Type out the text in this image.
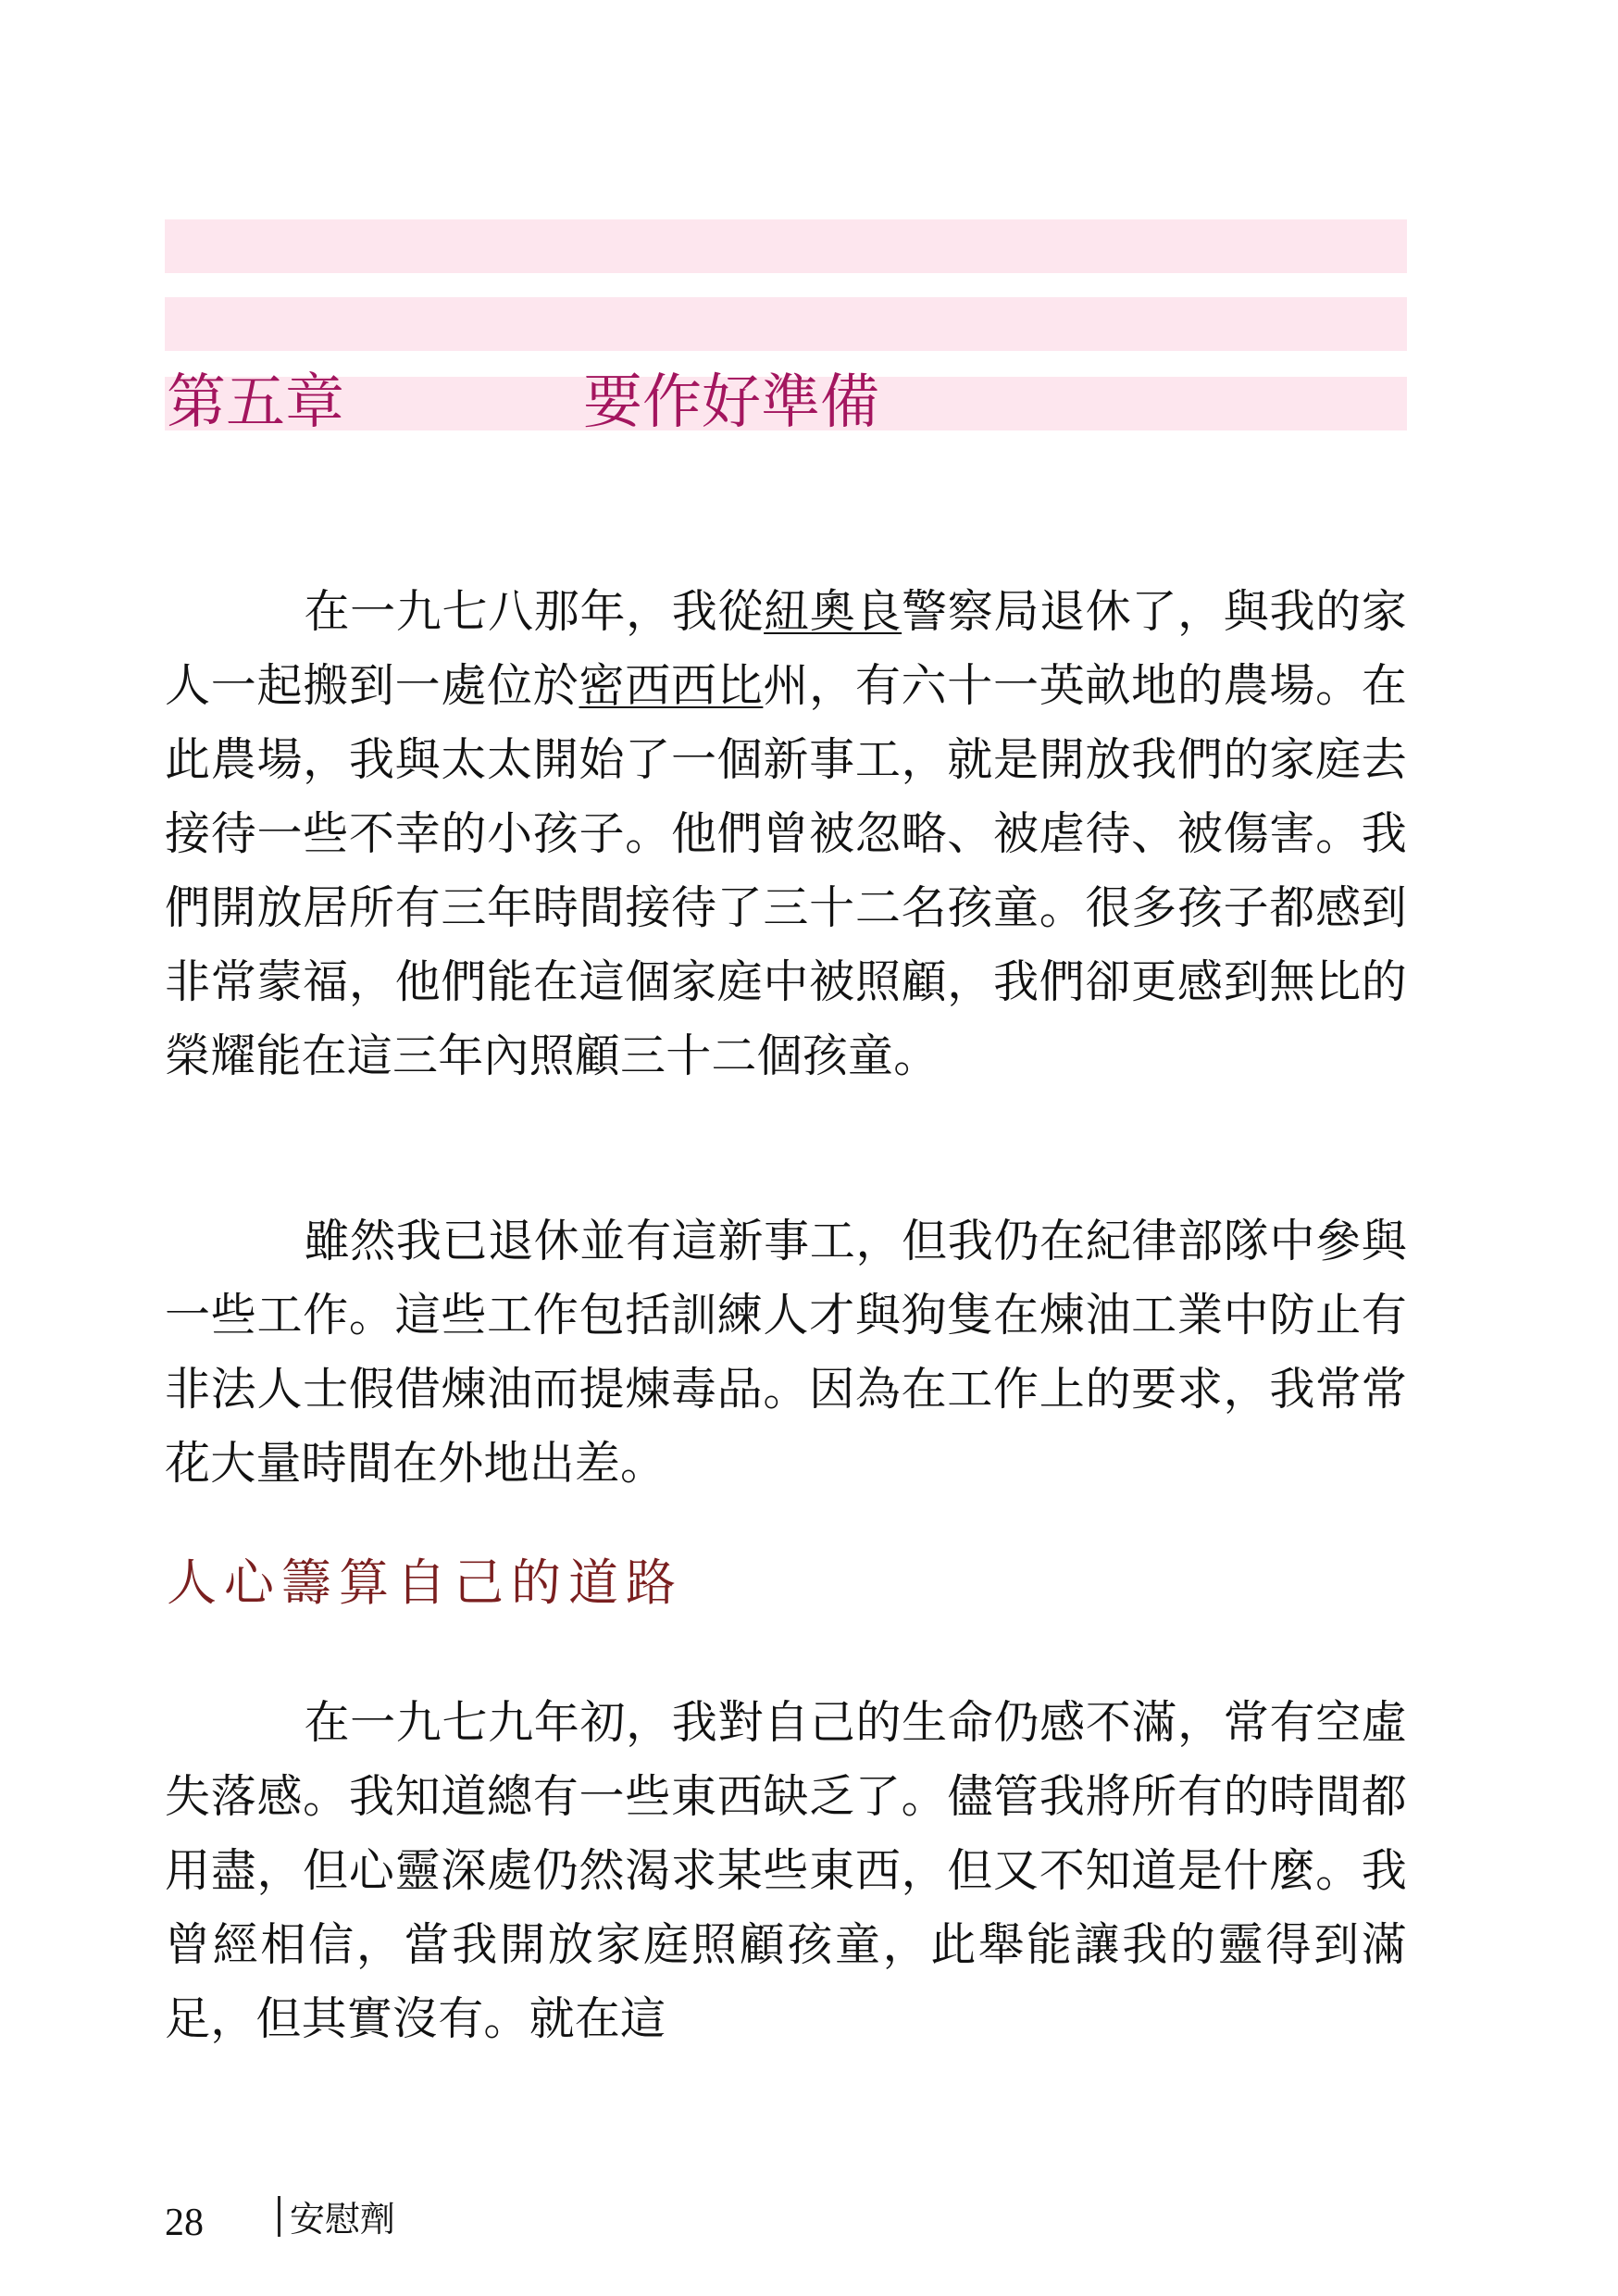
第五章	要作好準備

在一九七八那年，我從紐奧良警察局退休了，與我的家人一起搬到一處位於密西西比州，有六十一英畝地的農場。在此農場，我與太太開始了一個新事工，就是開放我們的家庭去接待一些不幸的小孩子。他們曾被忽略、被虐待、被傷害。我們開放居所有三年時間接待了三十二名孩童。很多孩子都感到非常蒙福，他們能在這個家庭中被照顧，我們卻更感到無比的榮耀能在這三年內照顧三十二個孩童。

雖然我已退休並有這新事工，但我仍在紀律部隊中參與一些工作。這些工作包括訓練人才與狗隻在煉油工業中防止有非法人士假借煉油而提煉毒品。因為在工作上的要求，我常常花大量時間在外地出差。

人心籌算自己的道路

在一九七九年初，我對自己的生命仍感不滿，常有空虛失落感。我知道總有一些東西缺乏了。儘管我將所有的時間都用盡，但心靈深處仍然渴求某些東西，但又不知道是什麼。我曾經相信，當我開放家庭照顧孩童，此舉能讓我的靈得到滿足，但其實沒有。就在這

28 安慰劑
